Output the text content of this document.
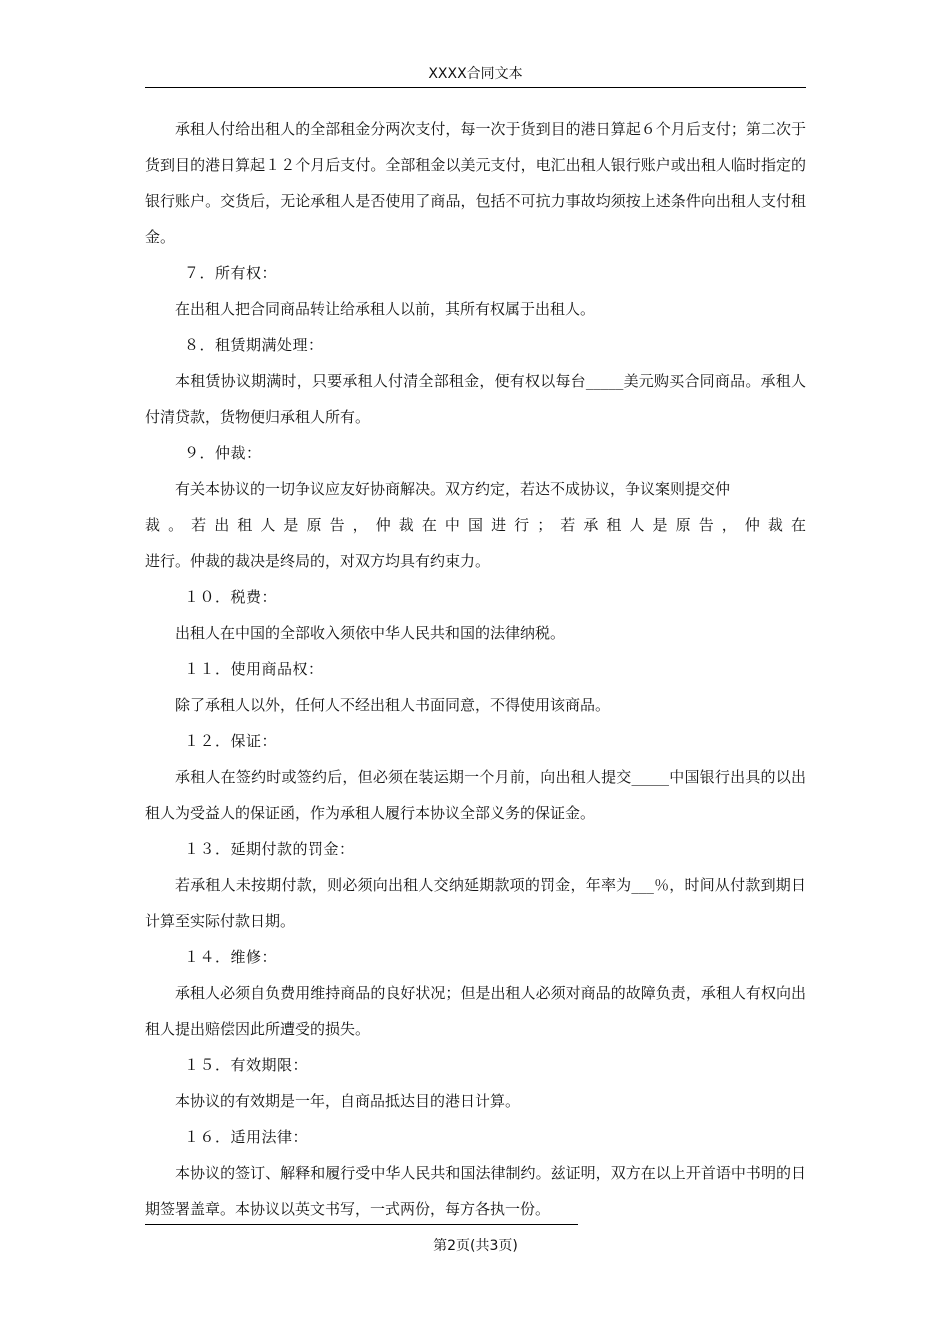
XXXX合同文本

承租人付给出租人的全部租金分两次支付，每一次于货到目的港日算起６个月后支付；第二次于货到目的港日算起１２个月后支付。全部租金以美元支付，电汇出租人银行账户或出租人临时指定的银行账户。交货后，无论承租人是否使用了商品，包括不可抗力事故均须按上述条件向出租人支付租金。

７．所有权：

在出租人把合同商品转让给承租人以前，其所有权属于出租人。

８．租赁期满处理：

本租赁协议期满时，只要承租人付清全部租金，便有权以每台_____美元购买合同商品。承租人付清贷款，货物便归承租人所有。

９．仲裁：

有关本协议的一切争议应友好协商解决。双方约定，若达不成协议，争议案则提交仲

裁。若出租人是原告，仲裁在中国进行；若承租人是原告，仲裁在

进行。仲裁的裁决是终局的，对双方均具有约束力。

１０．税费：

出租人在中国的全部收入须依中华人民共和国的法律纳税。

１１．使用商品权：

除了承租人以外，任何人不经出租人书面同意，不得使用该商品。

１２．保证：

承租人在签约时或签约后，但必须在装运期一个月前，向出租人提交_____中国银行出具的以出租人为受益人的保证函，作为承租人履行本协议全部义务的保证金。

１３．延期付款的罚金：

若承租人未按期付款，则必须向出租人交纳延期款项的罚金，年率为___％，时间从付款到期日计算至实际付款日期。

１４．维修：

承租人必须自负费用维持商品的良好状况；但是出租人必须对商品的故障负责，承租人有权向出租人提出赔偿因此所遭受的损失。

１５．有效期限：

本协议的有效期是一年，自商品抵达目的港日计算。

１６．适用法律：

本协议的签订、解释和履行受中华人民共和国法律制约。兹证明，双方在以上开首语中书明的日期签署盖章。本协议以英文书写，一式两份，每方各执一份。

第2页(共3页)
